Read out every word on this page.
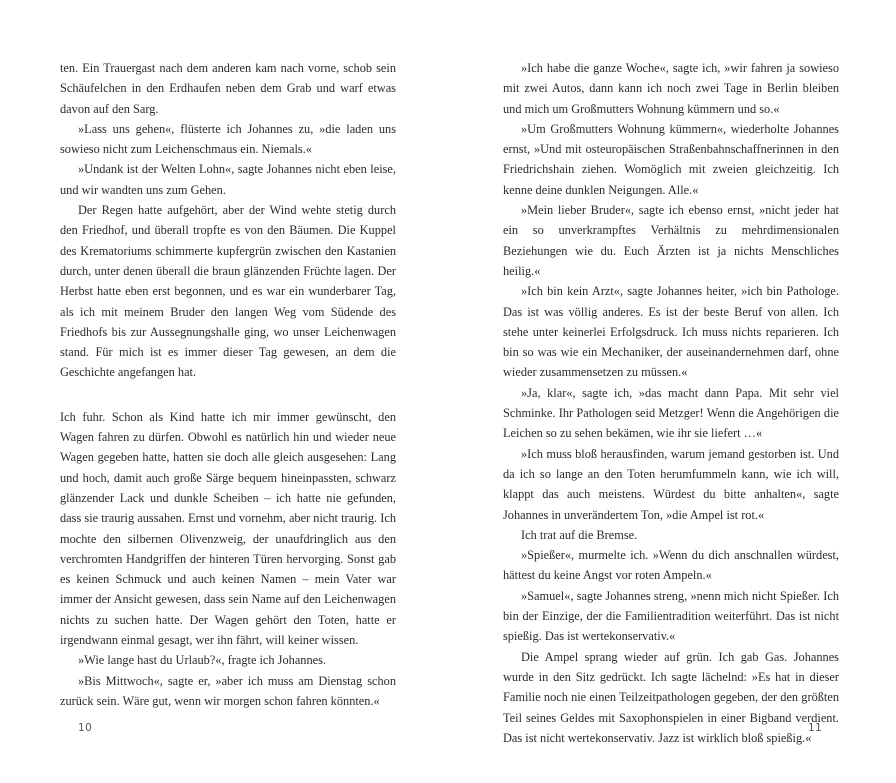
ten. Ein Trauergast nach dem anderen kam nach vorne, schob sein Schäufelchen in den Erdhaufen neben dem Grab und warf etwas davon auf den Sarg.

»Lass uns gehen«, flüsterte ich Johannes zu, »die laden uns sowieso nicht zum Leichenschmaus ein. Niemals.«

»Undank ist der Welten Lohn«, sagte Johannes nicht eben leise, und wir wandten uns zum Gehen.

Der Regen hatte aufgehört, aber der Wind wehte stetig durch den Friedhof, und überall tropfte es von den Bäumen. Die Kuppel des Krematoriums schimmerte kupfergrün zwischen den Kastanien durch, unter denen überall die braun glänzenden Früchte lagen. Der Herbst hatte eben erst begonnen, und es war ein wunderbarer Tag, als ich mit meinem Bruder den langen Weg vom Südende des Friedhofs bis zur Aussegnungshalle ging, wo unser Leichenwagen stand. Für mich ist es immer dieser Tag gewesen, an dem die Geschichte angefangen hat.

Ich fuhr. Schon als Kind hatte ich mir immer gewünscht, den Wagen fahren zu dürfen. Obwohl es natürlich hin und wieder neue Wagen gegeben hatte, hatten sie doch alle gleich ausgesehen: Lang und hoch, damit auch große Särge bequem hineinpassten, schwarz glänzender Lack und dunkle Scheiben – ich hatte nie gefunden, dass sie traurig aussahen. Ernst und vornehm, aber nicht traurig. Ich mochte den silbernen Olivenzweig, der unaufdringlich aus den verchromten Handgriffen der hinteren Türen hervorging. Sonst gab es keinen Schmuck und auch keinen Namen – mein Vater war immer der Ansicht gewesen, dass sein Name auf den Leichenwagen nichts zu suchen hatte. Der Wagen gehört den Toten, hatte er irgendwann einmal gesagt, wer ihn fährt, will keiner wissen.

»Wie lange hast du Urlaub?«, fragte ich Johannes.

»Bis Mittwoch«, sagte er, »aber ich muss am Dienstag schon zurück sein. Wäre gut, wenn wir morgen schon fahren könnten.«

»Ich habe die ganze Woche«, sagte ich, »wir fahren ja sowieso mit zwei Autos, dann kann ich noch zwei Tage in Berlin bleiben und mich um Großmutters Wohnung kümmern und so.«

»Um Großmutters Wohnung kümmern«, wiederholte Johannes ernst, »Und mit osteuropäischen Straßenbahnschaffnerinnen in den Friedrichshain ziehen. Womöglich mit zweien gleichzeitig. Ich kenne deine dunklen Neigungen. Alle.«

»Mein lieber Bruder«, sagte ich ebenso ernst, »nicht jeder hat ein so unverkrampftes Verhältnis zu mehrdimensionalen Beziehungen wie du. Euch Ärzten ist ja nichts Menschliches heilig.«

»Ich bin kein Arzt«, sagte Johannes heiter, »ich bin Pathologe. Das ist was völlig anderes. Es ist der beste Beruf von allen. Ich stehe unter keinerlei Erfolgsdruck. Ich muss nichts reparieren. Ich bin so was wie ein Mechaniker, der auseinandernehmen darf, ohne wieder zusammensetzen zu müssen.«

»Ja, klar«, sagte ich, »das macht dann Papa. Mit sehr viel Schminke. Ihr Pathologen seid Metzger! Wenn die Angehörigen die Leichen so zu sehen bekämen, wie ihr sie liefert …«

»Ich muss bloß herausfinden, warum jemand gestorben ist. Und da ich so lange an den Toten herumfummeln kann, wie ich will, klappt das auch meistens. Würdest du bitte anhalten«, sagte Johannes in unverändertem Ton, »die Ampel ist rot.«

Ich trat auf die Bremse.

»Spießer«, murmelte ich. »Wenn du dich anschnallen würdest, hättest du keine Angst vor roten Ampeln.«

»Samuel«, sagte Johannes streng, »nenn mich nicht Spießer. Ich bin der Einzige, der die Familientradition weiterführt. Das ist nicht spießig. Das ist wertekonservativ.«

Die Ampel sprang wieder auf grün. Ich gab Gas. Johannes wurde in den Sitz gedrückt. Ich sagte lächelnd: »Es hat in dieser Familie noch nie einen Teilzeitpathologen gegeben, der den größten Teil seines Geldes mit Saxophonspielen in einer Bigband verdient. Das ist nicht wertekonservativ. Jazz ist wirklich bloß spießig.«

10	11
